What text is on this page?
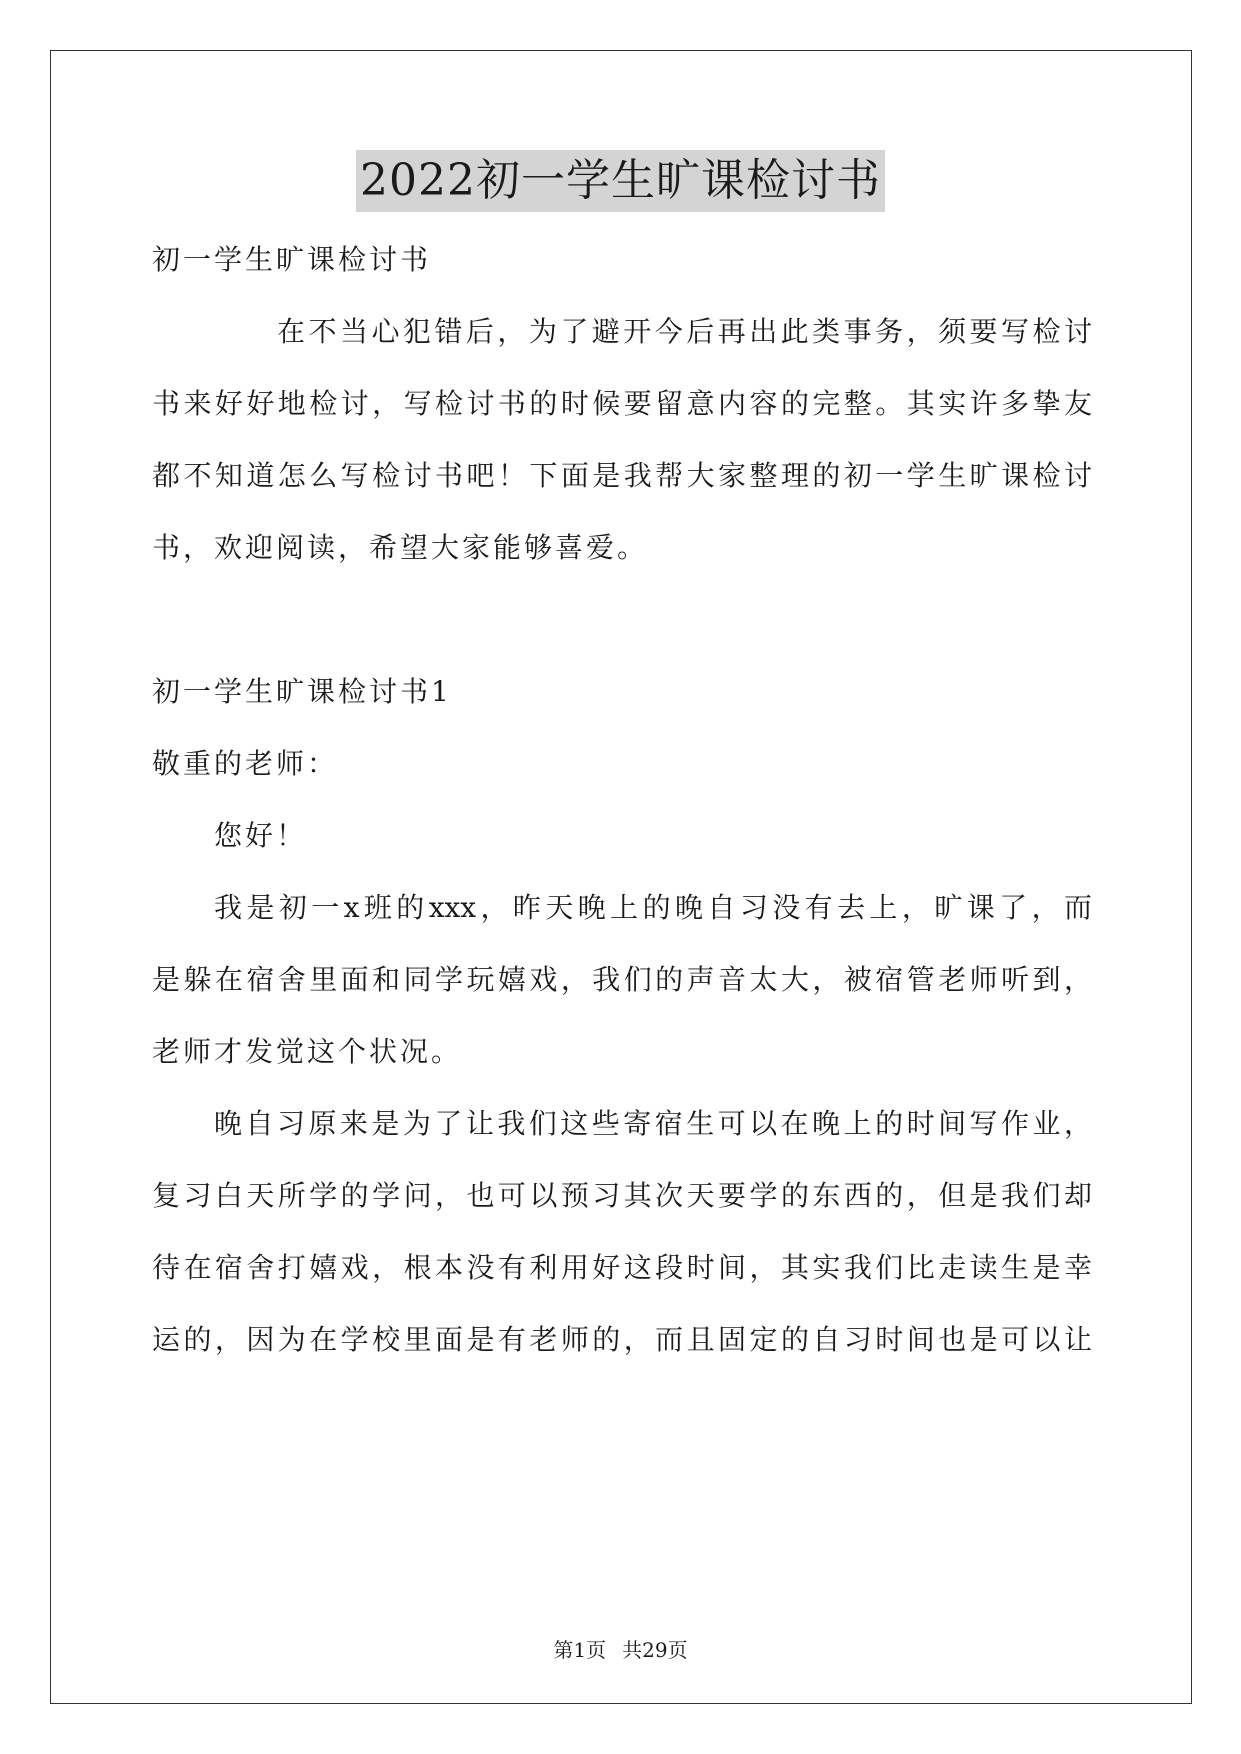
2022初一学生旷课检讨书
初一学生旷课检讨书
在不当心犯错后，为了避开今后再出此类事务，须要写检讨
书来好好地检讨，写检讨书的时候要留意内容的完整。其实许多挚友
都不知道怎么写检讨书吧！下面是我帮大家整理的初一学生旷课检讨
书，欢迎阅读，希望大家能够喜爱。
初一学生旷课检讨书1
敬重的老师：
您好！
我是初一x班的xxx，昨天晚上的晚自习没有去上，旷课了，而
是躲在宿舍里面和同学玩嬉戏，我们的声音太大，被宿管老师听到，
老师才发觉这个状况。
晚自习原来是为了让我们这些寄宿生可以在晚上的时间写作业，
复习白天所学的学问，也可以预习其次天要学的东西的，但是我们却
待在宿舍打嬉戏，根本没有利用好这段时间，其实我们比走读生是幸
运的，因为在学校里面是有老师的，而且固定的自习时间也是可以让
第1页 共29页
